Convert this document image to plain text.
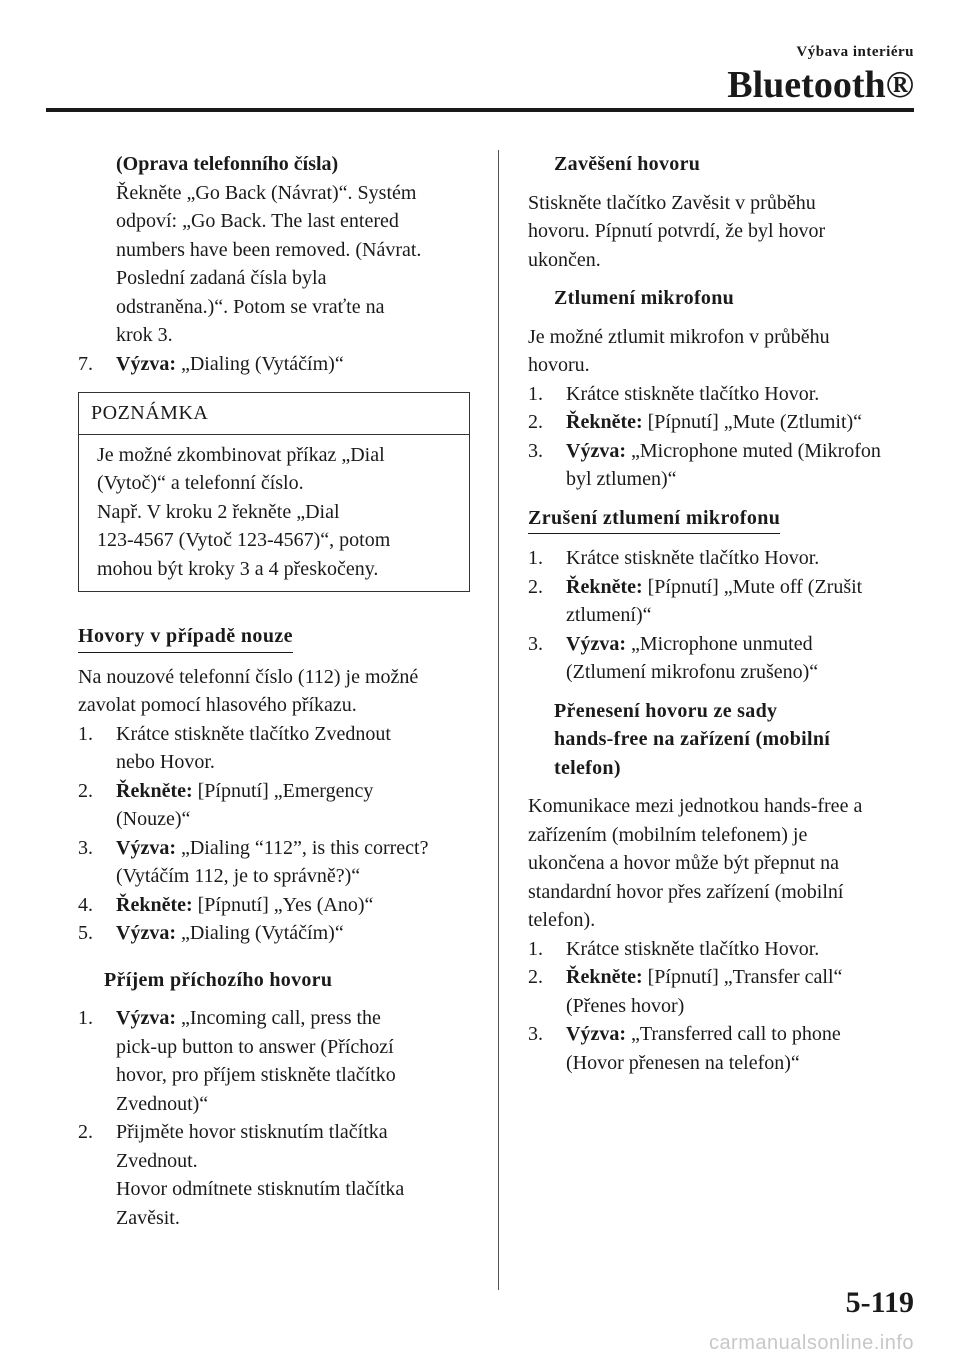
Výbava interiéru
Bluetooth®

(Oprava telefonního čísla)

Řekněte „Go Back (Návrat)“. Systém

odpoví: „Go Back. The last entered

numbers have been removed. (Návrat.

Poslední zadaná čísla byla

odstraněna.)“. Potom se vraťte na

krok 3.

7.	Výzva: „Dialing (Vytáčím)“
POZNÁMKA

Je možné zkombinovat příkaz „Dial

(Vytoč)“ a telefonní číslo.

Např. V kroku 2 řekněte „Dial

123-4567 (Vytoč 123-4567)“, potom

mohou být kroky 3 a 4 přeskočeny.

Hovory v případě nouze

Na nouzové telefonní číslo (112) je možné

zavolat pomocí hlasového příkazu.

1.	Krátce stiskněte tlačítko Zvednout
nebo Hovor.
2.	Řekněte: [Pípnutí] „Emergency
(Nouze)“
3.	Výzva: „Dialing “112”, is this correct?
(Vytáčím 112, je to správně?)“
4.	Řekněte: [Pípnutí] „Yes (Ano)“
5.	Výzva: „Dialing (Vytáčím)“

Příjem příchozího hovoru

1.	Výzva: „Incoming call, press the
pick-up button to answer (Příchozí
hovor, pro příjem stiskněte tlačítko
Zvednout)“
2.	Přijměte hovor stisknutím tlačítka
Zvednout.
Hovor odmítnete stisknutím tlačítka
Zavěsit.

Zavěšení hovoru

Stiskněte tlačítko Zavěsit v průběhu

hovoru. Pípnutí potvrdí, že byl hovor

ukončen.

Ztlumení mikrofonu

Je možné ztlumit mikrofon v průběhu

hovoru.

1.	Krátce stiskněte tlačítko Hovor.
2.	Řekněte: [Pípnutí] „Mute (Ztlumit)“
3.	Výzva: „Microphone muted (Mikrofon
byl ztlumen)“
Zrušení ztlumení mikrofonu
1.	Krátce stiskněte tlačítko Hovor.
2.	Řekněte: [Pípnutí] „Mute off (Zrušit
ztlumení)“
3.	Výzva: „Microphone unmuted
(Ztlumení mikrofonu zrušeno)“

Přenesení hovoru ze sady

hands-free na zařízení (mobilní

telefon)

Komunikace mezi jednotkou hands-free a

zařízením (mobilním telefonem) je

ukončena a hovor může být přepnut na

standardní hovor přes zařízení (mobilní

telefon).

1.	Krátce stiskněte tlačítko Hovor.
2.	Řekněte: [Pípnutí] „Transfer call“
(Přenes hovor)
3.	Výzva: „Transferred call to phone
(Hovor přenesen na telefon)“
5-119
carmanualsonline.info
